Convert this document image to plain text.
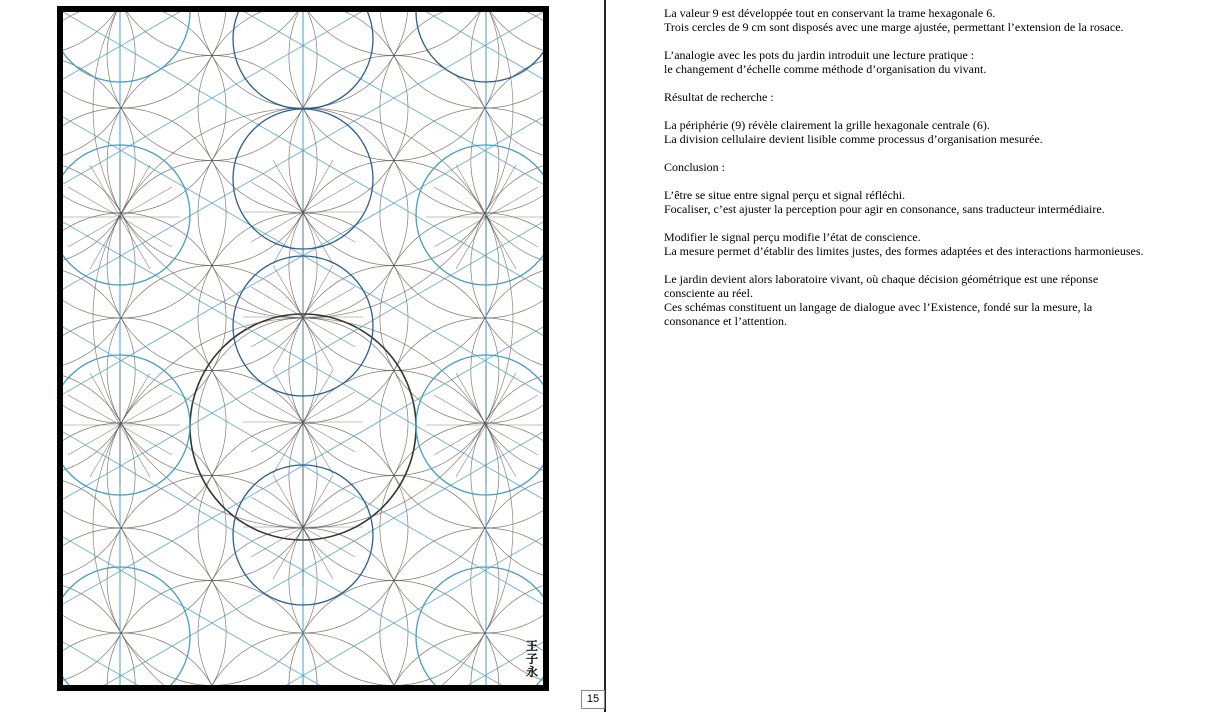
王子永
15

La valeur 9 est développée tout en conservant la trame hexagonale 6.
Trois cercles de 9 cm sont disposés avec une marge ajustée, permettant l’extension de la rosace.

L’analogie avec les pots du jardin introduit une lecture pratique :
le changement d’échelle comme méthode d’organisation du vivant.

Résultat de recherche :

La périphérie (9) révèle clairement la grille hexagonale centrale (6).
La division cellulaire devient lisible comme processus d’organisation mesurée.

Conclusion :

L’être se situe entre signal perçu et signal réfléchi.
Focaliser, c’est ajuster la perception pour agir en consonance, sans traducteur intermédiaire.

Modifier le signal perçu modifie l’état de conscience.
La mesure permet d’établir des limites justes, des formes adaptées et des interactions harmonieuses.

Le jardin devient alors laboratoire vivant, où chaque décision géométrique est une réponse
consciente au réel.
Ces schémas constituent un langage de dialogue avec l’Existence, fondé sur la mesure, la
consonance et l’attention.
